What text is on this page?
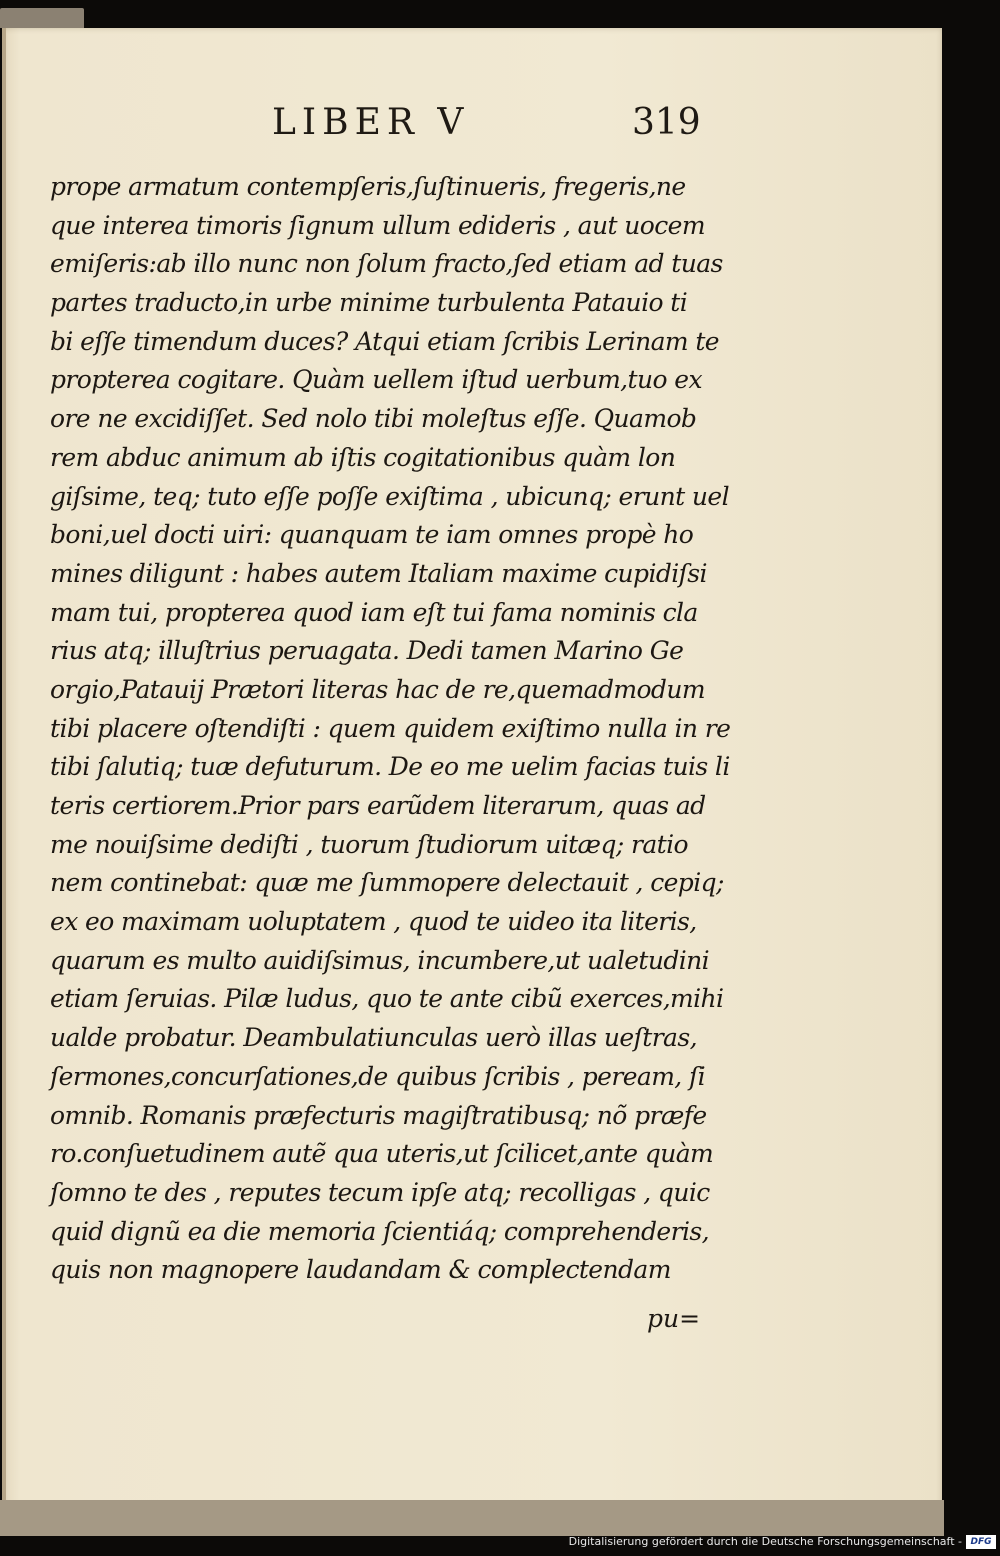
LIBER V	319
prope armatum contempſeris,ſuſtinueris, fregeris,ne
que interea timoris ſignum ullum edideris , aut uocem
emiſeris:ab illo nunc non ſolum fracto,ſed etiam ad tuas
partes traducto,in urbe minime turbulenta Patauio ti
bi eſſe timendum duces? Atqui etiam ſcribis Lerinam te
propterea cogitare. Quàm uellem iſtud uerbum,tuo ex
ore ne excidiſſet. Sed nolo tibi moleſtus eſſe. Quamob
rem abduc animum ab iſtis cogitationibus quàm lon
giſsime, teq; tuto eſſe poſſe exiſtima , ubicunq; erunt uel
boni,uel docti uiri: quanquam te iam omnes propè ho
mines diligunt : habes autem Italiam maxime cupidiſsi
mam tui, propterea quod iam eſt tui fama nominis cla
rius atq; illuſtrius peruagata. Dedi tamen Marino Ge
orgio,Patauij Prætori literas hac de re,quemadmodum
tibi placere oſtendiſti : quem quidem exiſtimo nulla in re
tibi ſalutiq; tuæ defuturum. De eo me uelim facias tuis li
teris certiorem.Prior pars earũdem literarum, quas ad
me nouiſsime dediſti , tuorum ſtudiorum uitæq; ratio
nem continebat: quæ me ſummopere delectauit , cepiq;
ex eo maximam uoluptatem , quod te uideo ita literis,
quarum es multo auidiſsimus, incumbere,ut ualetudini
etiam ſeruias. Pilæ ludus, quo te ante cibũ exerces,mihi
ualde probatur. Deambulatiunculas uerò illas ueſtras,
ſermones,concurſationes,de quibus ſcribis , peream, ſi
omnib. Romanis præfecturis magiſtratibusq; nõ præfe
ro.conſuetudinem autẽ qua uteris,ut ſcilicet,ante quàm
ſomno te des , reputes tecum ipſe atq; recolligas , quic
quid dignũ ea die memoria ſcientiáq; comprehenderis,
quis non magnopere laudandam & complectendam
pu=
Digitalisierung gefördert durch die Deutsche Forschungsgemeinschaft - DFG
